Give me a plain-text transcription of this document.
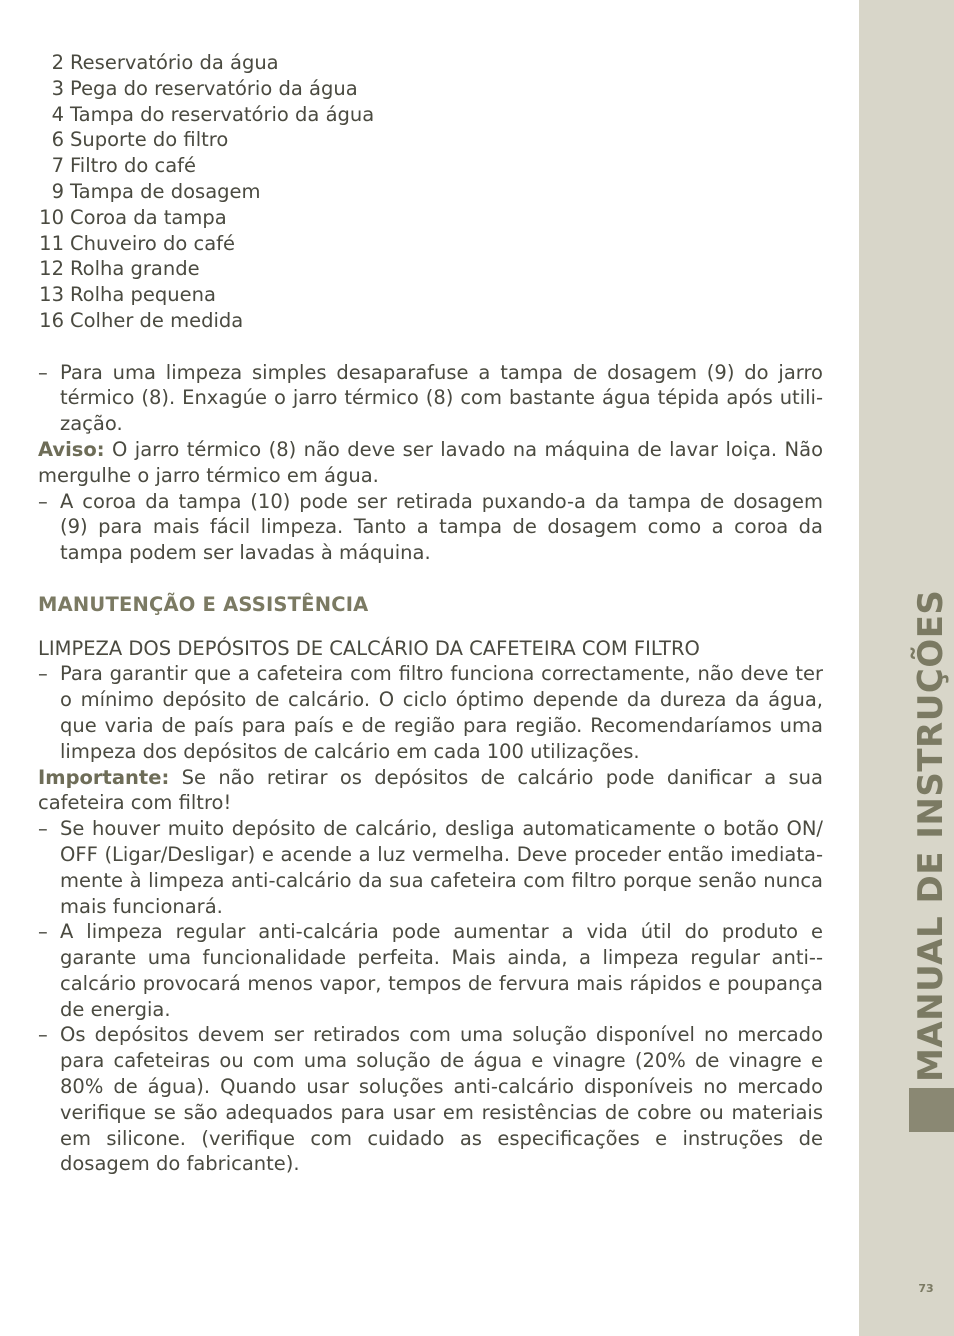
MANUAL DE INSTRUÇÕES
73
2 Reservatório da água
3 Pega do reservatório da água
4 Tampa do reservatório da água
6 Suporte do filtro
7 Filtro do café
9 Tampa de dosagem
10 Coroa da tampa
11 Chuveiro do café
12 Rolha grande
13 Rolha pequena
16 Colher de medida
– Para uma limpeza simples desaparafuse a tampa de dosagem (9) do jarro térmico (8). Enxagúe o jarro térmico (8) com bastante água tépida após utili-zação.

Aviso: O jarro térmico (8) não deve ser lavado na máquina de lavar loiça. Não mergulhe o jarro térmico em água.

– A coroa da tampa (10) pode ser retirada puxando-a da tampa de dosagem (9) para mais fácil limpeza. Tanto a tampa de dosagem como a coroa da tampa podem ser lavadas à máquina.
MANUTENÇÃO E ASSISTÊNCIA

LIMPEZA DOS DEPÓSITOS DE CALCÁRIO DA CAFETEIRA COM FILTRO

– Para garantir que a cafeteira com filtro funciona correctamente, não deve ter o mínimo depósito de calcário. O ciclo óptimo depende da dureza da água, que varia de país para país e de região para região. Recomendaríamos uma limpeza dos depósitos de calcário em cada 100 utilizações.

Importante: Se não retirar os depósitos de calcário pode danificar a sua cafeteira com filtro!

– Se houver muito depósito de calcário, desliga automaticamente o botão ON/ OFF (Ligar/Desligar) e acende a luz vermelha. Deve proceder então imediata-mente à limpeza anti-calcário da sua cafeteira com filtro porque senão nunca mais funcionará.
– A limpeza regular anti-calcária pode aumentar a vida útil do produto e garante uma funcionalidade perfeita. Mais ainda, a limpeza regular anti--calcário provocará menos vapor, tempos de fervura mais rápidos e poupança de energia.
– Os depósitos devem ser retirados com uma solução disponível no mercado para cafeteiras ou com uma solução de água e vinagre (20% de vinagre e 80% de água). Quando usar soluções anti-calcário disponíveis no mercado verifique se são adequados para usar em resistências de cobre ou materiais em silicone. (verifique com cuidado as especificações e instruções de dosagem do fabricante).
